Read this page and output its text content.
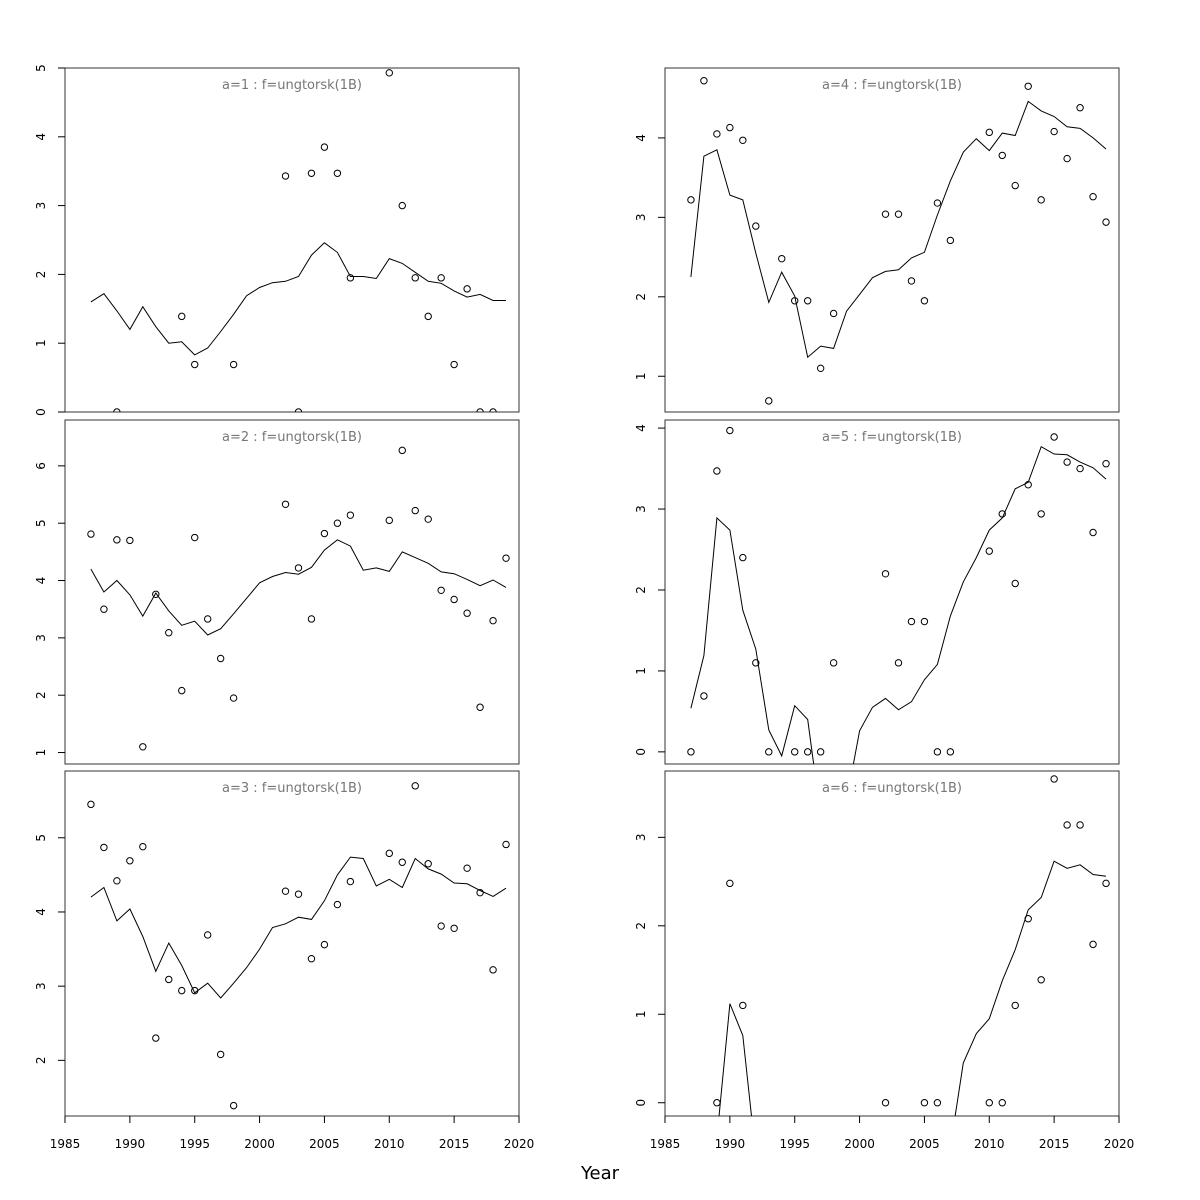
Year
a=1 : f=ungtorsk(1B)
0
1
2
3
4
5
a=2 : f=ungtorsk(1B)
1
2
3
4
5
6
a=3 : f=ungtorsk(1B)
2
3
4
5
1985	1990	1995	2000	2005	2010	2015	2020
a=4 : f=ungtorsk(1B)
1
2
3
4
a=5 : f=ungtorsk(1B)
0
1
2
3
4
a=6 : f=ungtorsk(1B)
0
1
2
3
1985	1990	1995	2000	2005	2010	2015	2020
